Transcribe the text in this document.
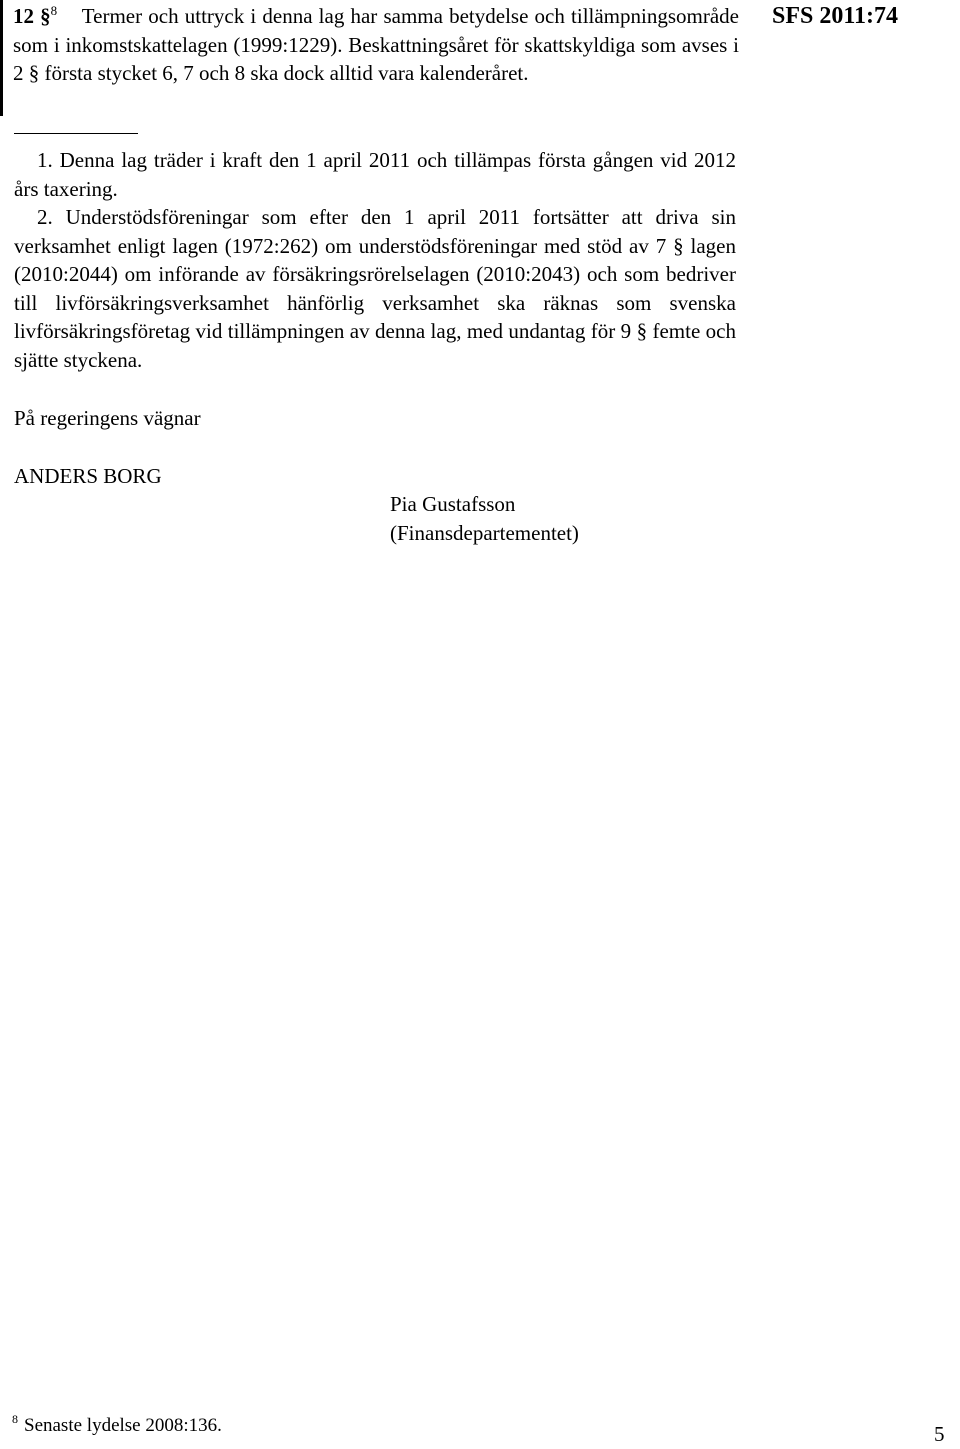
SFS 2011:74
12 §$^8$ Termer och uttryck i denna lag har samma betydelse och tillämpningsområde som i inkomstskattelagen (1999:1229). Beskattningsåret för skattskyldiga som avses i 2 § första stycket 6, 7 och 8 ska dock alltid vara kalenderåret.

1. Denna lag träder i kraft den 1 april 2011 och tillämpas första gången vid 2012 års taxering.

2. Understödsföreningar som efter den 1 april 2011 fortsätter att driva sin verksamhet enligt lagen (1972:262) om understödsföreningar med stöd av 7 § lagen (2010:2044) om införande av försäkringsrörelselagen (2010:2043) och som bedriver till livförsäkringsverksamhet hänförlig verksamhet ska räknas som svenska livförsäkringsföretag vid tillämpningen av denna lag, med undantag för 9 § femte och sjätte styckena.

På regeringens vägnar
ANDERS BORG
Pia Gustafsson
(Finansdepartementet)
$^8$ Senaste lydelse 2008:136.	5
